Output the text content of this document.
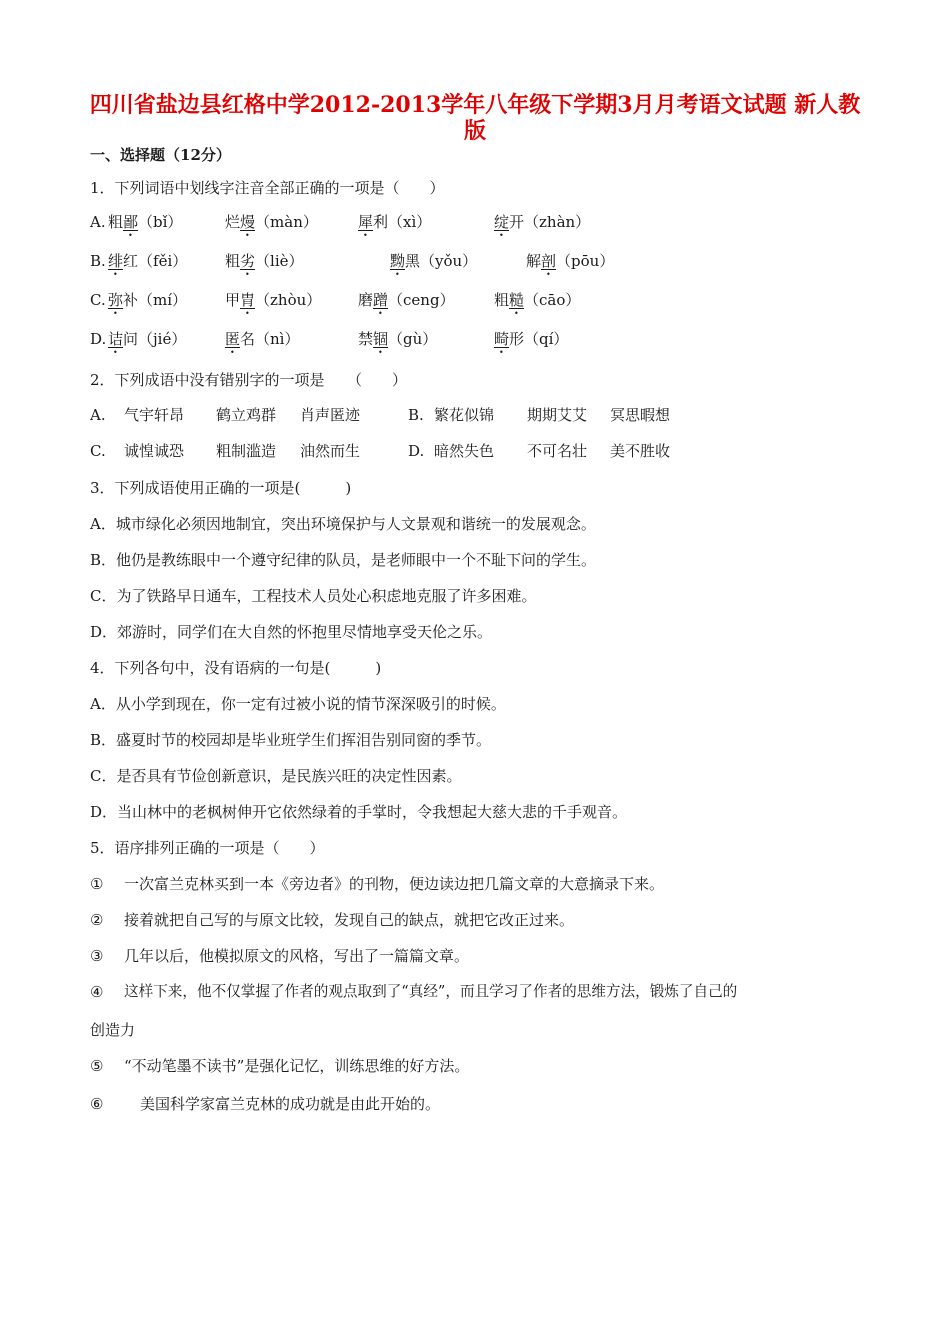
四川省盐边县红格中学2012-2013学年八年级下学期3月月考语文试题 新人教
版
一、选择题（12分）
1．下列词语中划线字注音全部正确的一项是（　　）
A. 粗鄙（bǐ）	烂熳（màn）	犀利（xì）	绽开（zhàn）
B. 绯红（fěi）	粗劣（liè）	黝黑（yǒu）	解剖（pōu）
C. 弥补（mí）	甲胄（zhòu） 磨蹭（ceng）	粗糙（cāo）
D. 诘问（jié）	匿名（nì）	禁锢（gù）	畸形（qí）
2．下列成语中没有错别字的一项是　　（　　）
A. 气宇轩昂 鹤立鸡群 肖声匿迹	B. 繁花似锦 期期艾艾 冥思暇想
C. 诚惶诚恐 粗制滥造 油然而生	D. 暗然失色 不可名壮 美不胜收
3．下列成语使用正确的一项是(　　　)
A．城市绿化必须因地制宜，突出环境保护与人文景观和谐统一的发展观念。
B．他仍是教练眼中一个遵守纪律的队员，是老师眼中一个不耻下问的学生。
C．为了铁路早日通车，工程技术人员处心积虑地克服了许多困难。
D．郊游时，同学们在大自然的怀抱里尽情地享受天伦之乐。
4．下列各句中，没有语病的一句是(　　　)
A．从小学到现在，你一定有过被小说的情节深深吸引的时候。
B．盛夏时节的校园却是毕业班学生们挥泪告别同窗的季节。
C．是否具有节俭创新意识，是民族兴旺的决定性因素。
D．当山林中的老枫树伸开它依然绿着的手掌时，令我想起大慈大悲的千手观音。
5．语序排列正确的一项是（　　）
① 一次富兰克林买到一本《旁边者》的刊物，便边读边把几篇文章的大意摘录下来。
② 接着就把自己写的与原文比较，发现自己的缺点，就把它改正过来。
③ 几年以后，他模拟原文的风格，写出了一篇篇文章。
④ 这样下来，他不仅掌握了作者的观点取到了“真经”，而且学习了作者的思维方法，锻炼了自己的
创造力
⑤ “不动笔墨不读书”是强化记忆，训练思维的好方法。
⑥ 美国科学家富兰克林的成功就是由此开始的。
